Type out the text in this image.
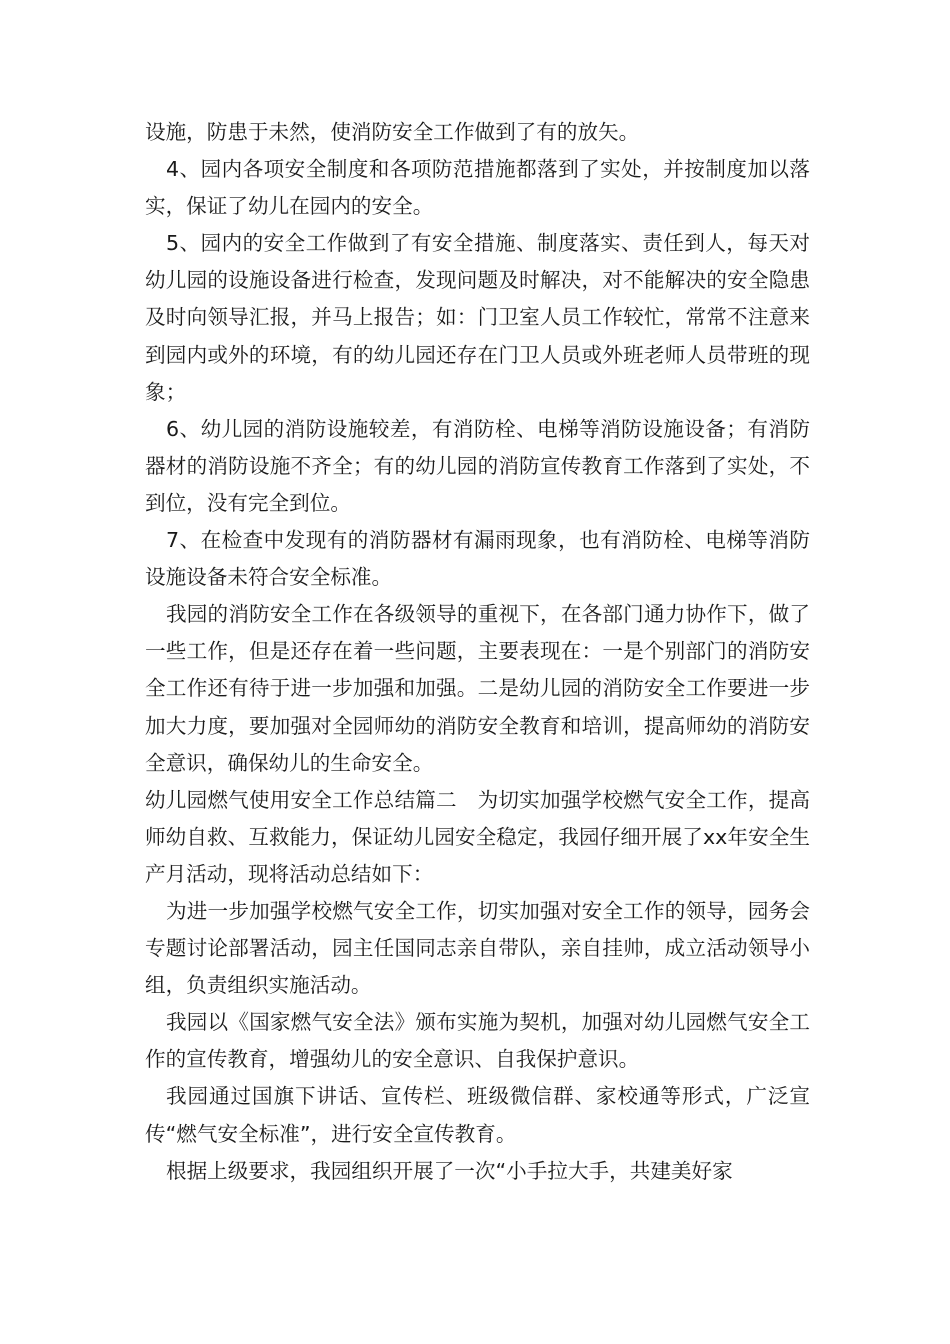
设施，防患于未然，使消防安全工作做到了有的放矢。

4、园内各项安全制度和各项防范措施都落到了实处，并按制度加以落实，保证了幼儿在园内的安全。

5、园内的安全工作做到了有安全措施、制度落实、责任到人，每天对幼儿园的设施设备进行检查，发现问题及时解决，对不能解决的安全隐患及时向领导汇报，并马上报告；如：门卫室人员工作较忙，常常不注意来到园内或外的环境，有的幼儿园还存在门卫人员或外班老师人员带班的现象；

6、幼儿园的消防设施较差，有消防栓、电梯等消防设施设备；有消防器材的消防设施不齐全；有的幼儿园的消防宣传教育工作落到了实处，不到位，没有完全到位。

7、在检查中发现有的消防器材有漏雨现象，也有消防栓、电梯等消防设施设备未符合安全标准。

我园的消防安全工作在各级领导的重视下，在各部门通力协作下，做了一些工作，但是还存在着一些问题，主要表现在：一是个别部门的消防安全工作还有待于进一步加强和加强。二是幼儿园的消防安全工作要进一步加大力度，要加强对全园师幼的消防安全教育和培训，提高师幼的消防安全意识，确保幼儿的生命安全。

幼儿园燃气使用安全工作总结篇二　为切实加强学校燃气安全工作，提高师幼自救、互救能力，保证幼儿园安全稳定，我园仔细开展了xx年安全生产月活动，现将活动总结如下：

为进一步加强学校燃气安全工作，切实加强对安全工作的领导，园务会专题讨论部署活动，园主任国同志亲自带队，亲自挂帅，成立活动领导小组，负责组织实施活动。

我园以《国家燃气安全法》颁布实施为契机，加强对幼儿园燃气安全工作的宣传教育，增强幼儿的安全意识、自我保护意识。

我园通过国旗下讲话、宣传栏、班级微信群、家校通等形式，广泛宣传“燃气安全标准”，进行安全宣传教育。

根据上级要求，我园组织开展了一次“小手拉大手，共建美好家
